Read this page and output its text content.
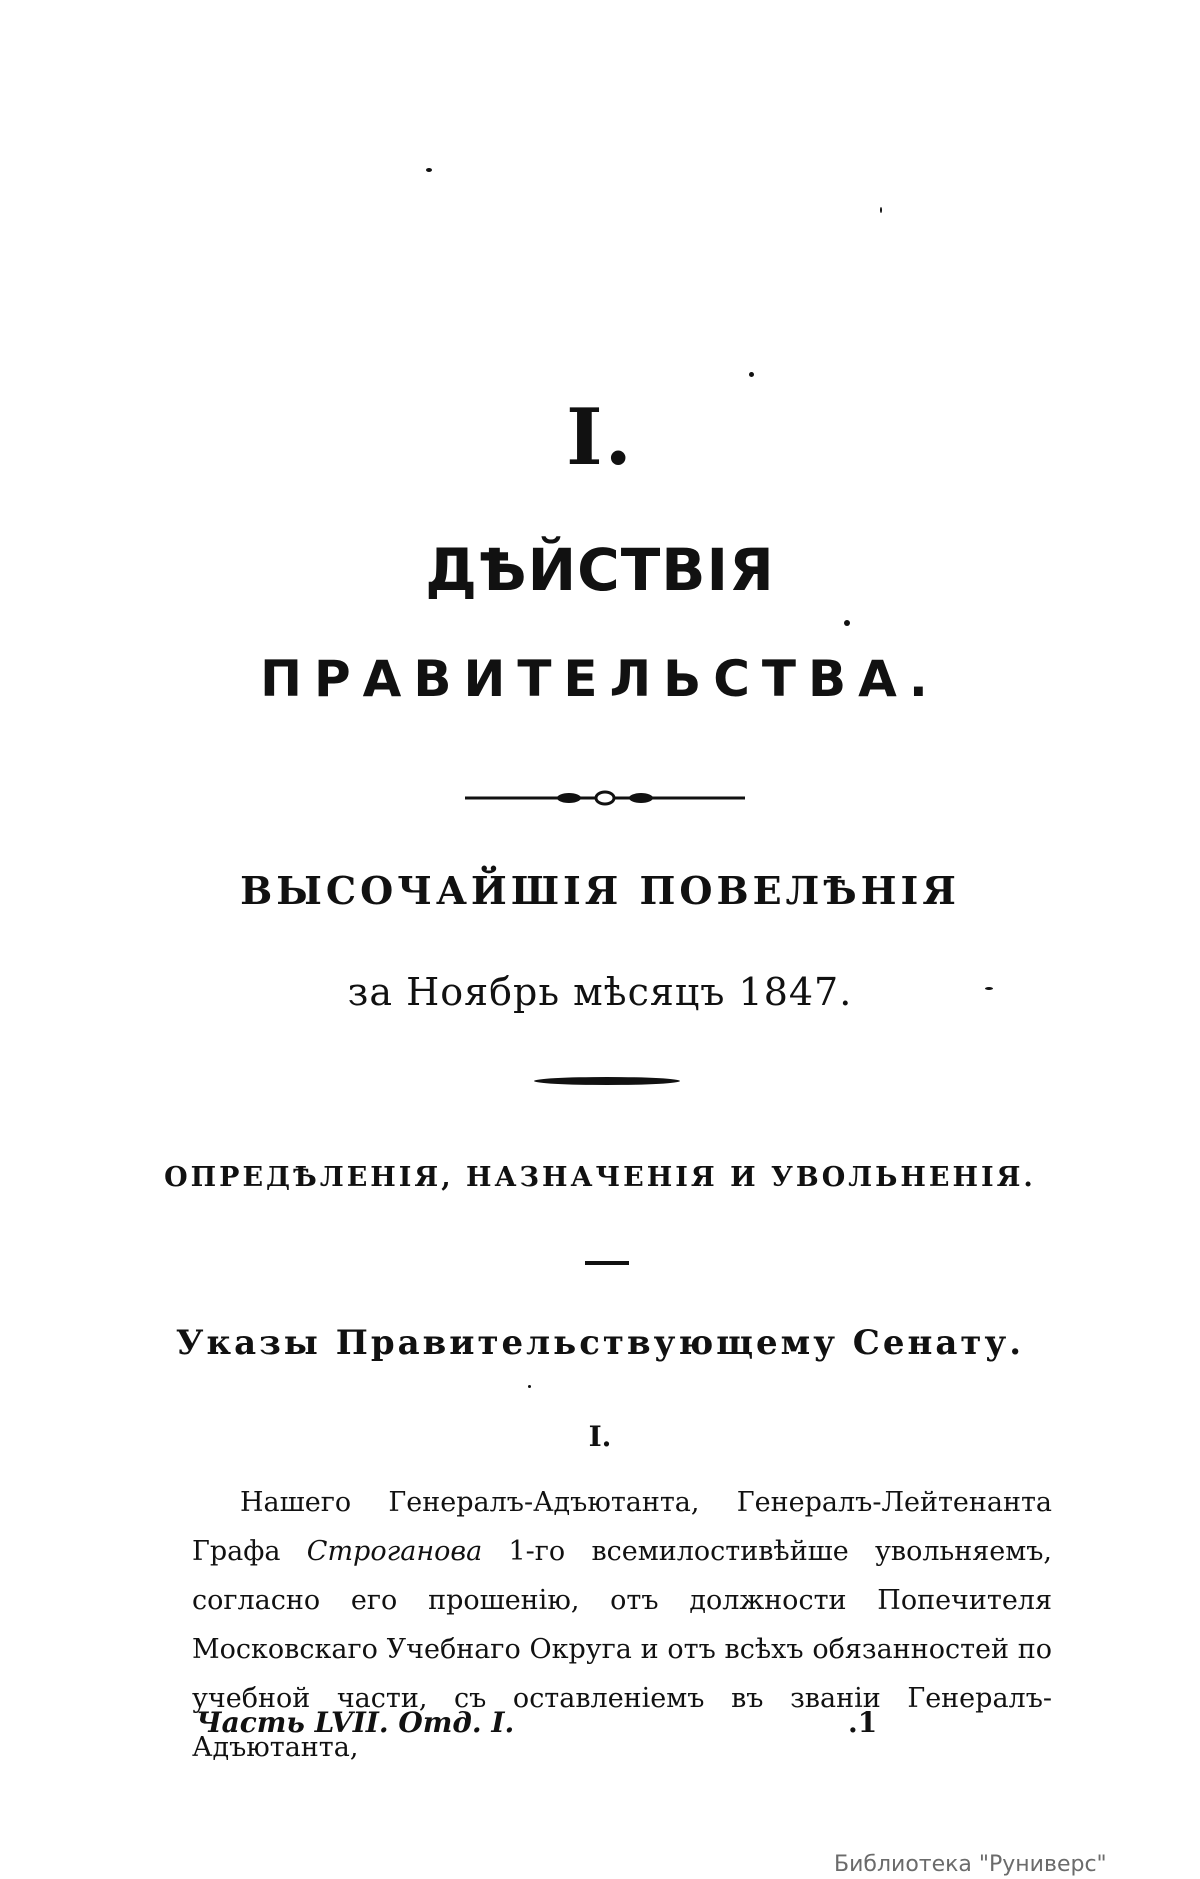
I.
ДѢЙСТВІЯ
ПРАВИТЕЛЬСТВА.
ВЫСОЧАЙШІЯ ПОВЕЛѢНІЯ
за Ноябрь мѣсяцъ 1847.
ОПРЕДѢЛЕНІЯ, НАЗНАЧЕНІЯ И УВОЛЬНЕНІЯ.
Указы Правительствующему Сенату.
I.
Нашего Генералъ-Адъютанта, Генералъ-Лейтенанта Графа Строганова 1-го всемилостивѣйше увольняемъ, согласно его прошенію, отъ должности Попечителя Московскаго Учебнаго Округа и отъ всѣхъ обязанностей по учебной части, съ оставленіемъ въ званіи Генералъ-Адъютанта,
Часть LVII. Отд. I.	.1
Библиотека "Руниверс"
